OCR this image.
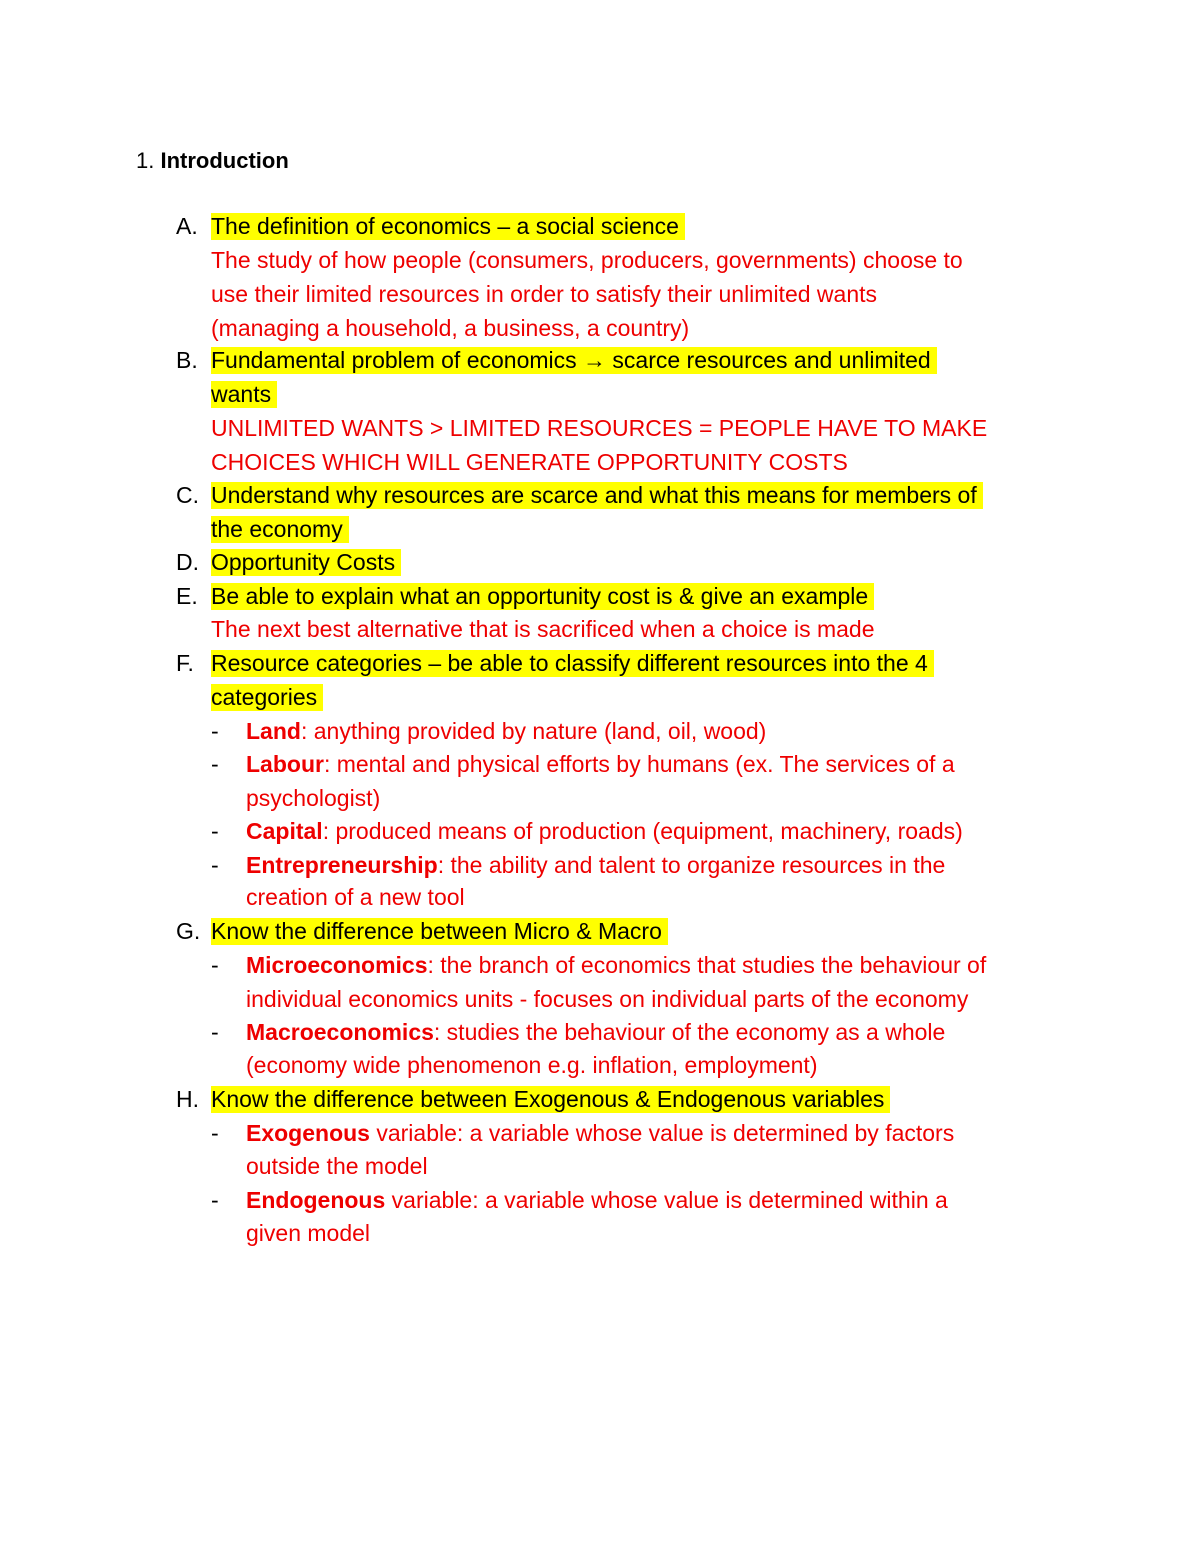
1. Introduction
A. The definition of economics – a social science
The study of how people (consumers, producers, governments) choose to
use their limited resources in order to satisfy their unlimited wants
(managing a household, a business, a country)
B. Fundamental problem of economics → scarce resources and unlimited
wants
UNLIMITED WANTS > LIMITED RESOURCES = PEOPLE HAVE TO MAKE
CHOICES WHICH WILL GENERATE OPPORTUNITY COSTS
C. Understand why resources are scarce and what this means for members of
the economy
D. Opportunity Costs
E. Be able to explain what an opportunity cost is & give an example
The next best alternative that is sacrificed when a choice is made
F. Resource categories – be able to classify different resources into the 4
categories
- Land: anything provided by nature (land, oil, wood)
- Labour: mental and physical efforts by humans (ex. The services of a
psychologist)
- Capital: produced means of production (equipment, machinery, roads)
- Entrepreneurship: the ability and talent to organize resources in the
creation of a new tool
G. Know the difference between Micro & Macro
- Microeconomics: the branch of economics that studies the behaviour of
individual economics units - focuses on individual parts of the economy
- Macroeconomics: studies the behaviour of the economy as a whole
(economy wide phenomenon e.g. inflation, employment)
H. Know the difference between Exogenous & Endogenous variables
- Exogenous variable: a variable whose value is determined by factors
outside the model
- Endogenous variable: a variable whose value is determined within a
given model
